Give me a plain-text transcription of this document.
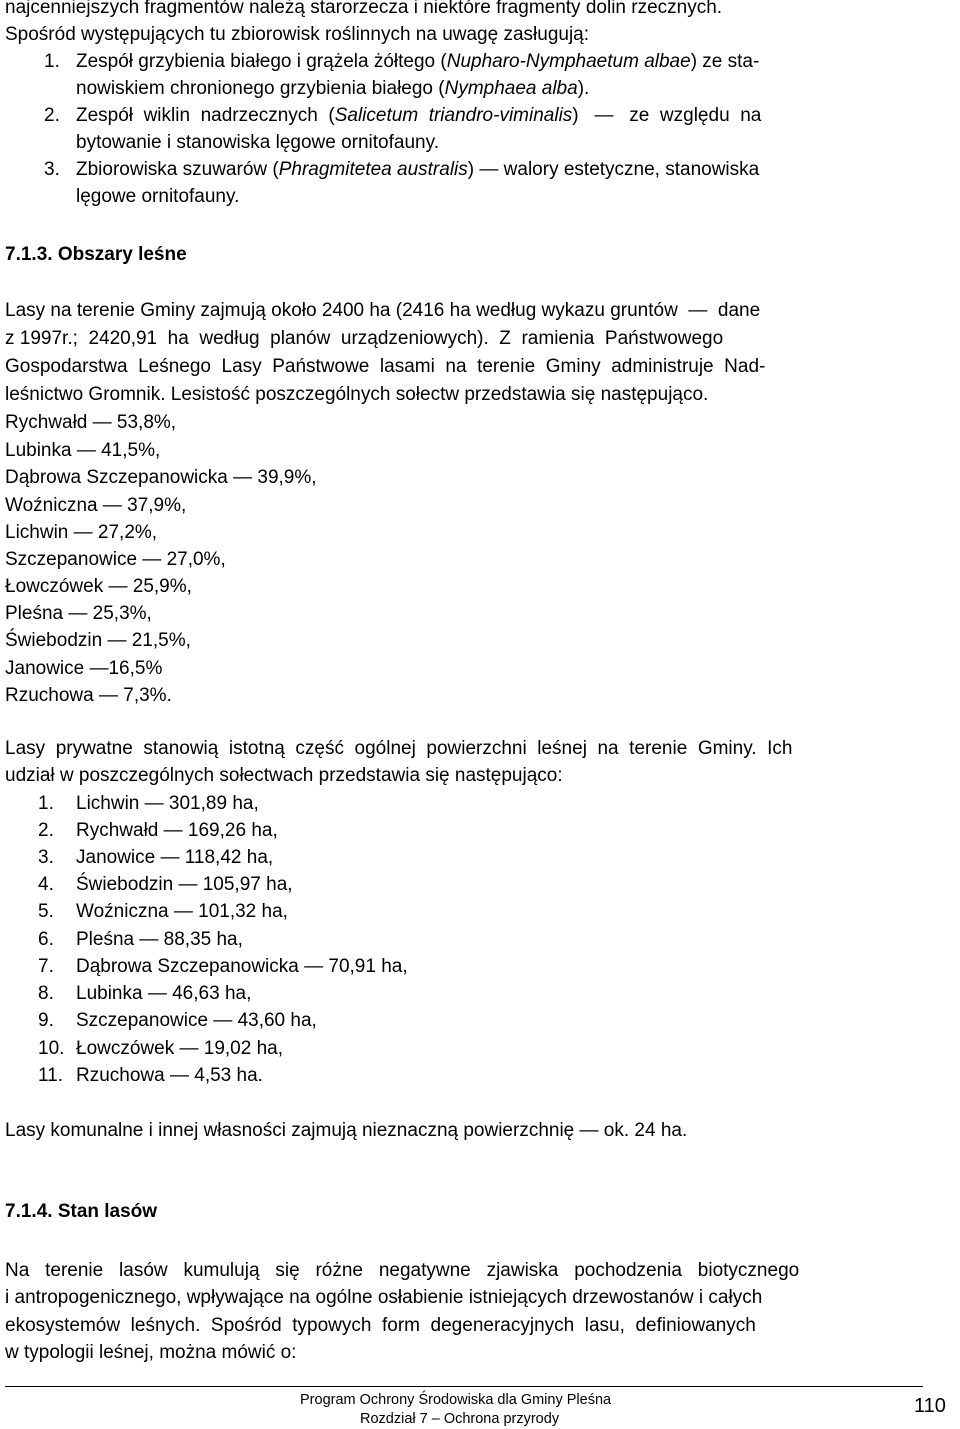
najcenniejszych fragmentów należą starorzecza i niektóre fragmenty dolin rzecznych.
Spośród występujących tu zbiorowisk roślinnych na uwagę zasługują:
1. Zespół grzybienia białego i grążela żółtego (Nupharo-Nymphaetum albae) ze sta-
nowiskiem chronionego grzybienia białego (Nymphaea alba).
2. Zespół  wiklin  nadrzecznych  (Salicetum  triandro-viminalis)   —   ze  względu  na
bytowanie i stanowiska lęgowe ornitofauny.
3. Zbiorowiska szuwarów (Phragmitetea australis) — walory estetyczne, stanowiska
lęgowe ornitofauny.
7.1.3. Obszary leśne
Lasy na terenie Gminy zajmują około 2400 ha (2416 ha według wykazu gruntów  —  dane
z 1997r.;  2420,91  ha  według  planów  urządzeniowych).  Z  ramienia  Państwowego
Gospodarstwa  Leśnego  Lasy  Państwowe  lasami  na  terenie  Gminy  administruje  Nad-
leśnictwo Gromnik. Lesistość poszczególnych sołectw przedstawia się następująco.
Rychwałd — 53,8%,
Lubinka — 41,5%,
Dąbrowa Szczepanowicka — 39,9%,
Woźniczna — 37,9%,
Lichwin — 27,2%,
Szczepanowice — 27,0%,
Łowczówek — 25,9%,
Pleśna — 25,3%,
Świebodzin — 21,5%,
Janowice —16,5%
Rzuchowa — 7,3%.
Lasy  prywatne  stanowią  istotną  część  ogólnej  powierzchni  leśnej  na  terenie  Gminy.  Ich
udział w poszczególnych sołectwach przedstawia się następująco:
1. Lichwin — 301,89 ha,
2. Rychwałd — 169,26 ha,
3. Janowice — 118,42 ha,
4. Świebodzin — 105,97 ha,
5. Woźniczna — 101,32 ha,
6. Pleśna — 88,35 ha,
7. Dąbrowa Szczepanowicka — 70,91 ha,
8. Lubinka — 46,63 ha,
9. Szczepanowice — 43,60 ha,
10. Łowczówek — 19,02 ha,
11. Rzuchowa — 4,53 ha.
Lasy komunalne i innej własności zajmują nieznaczną powierzchnię — ok. 24 ha.
7.1.4. Stan lasów
Na   terenie   lasów   kumulują   się   różne   negatywne   zjawiska   pochodzenia   biotycznego
i antropogenicznego, wpływające na ogólne osłabienie istniejących drzewostanów i całych
ekosystemów  leśnych.  Spośród  typowych  form  degeneracyjnych  lasu,  definiowanych
w typologii leśnej, można mówić o:
Program Ochrony Środowiska dla Gminy Pleśna
Rozdział 7 – Ochrona przyrody
110
